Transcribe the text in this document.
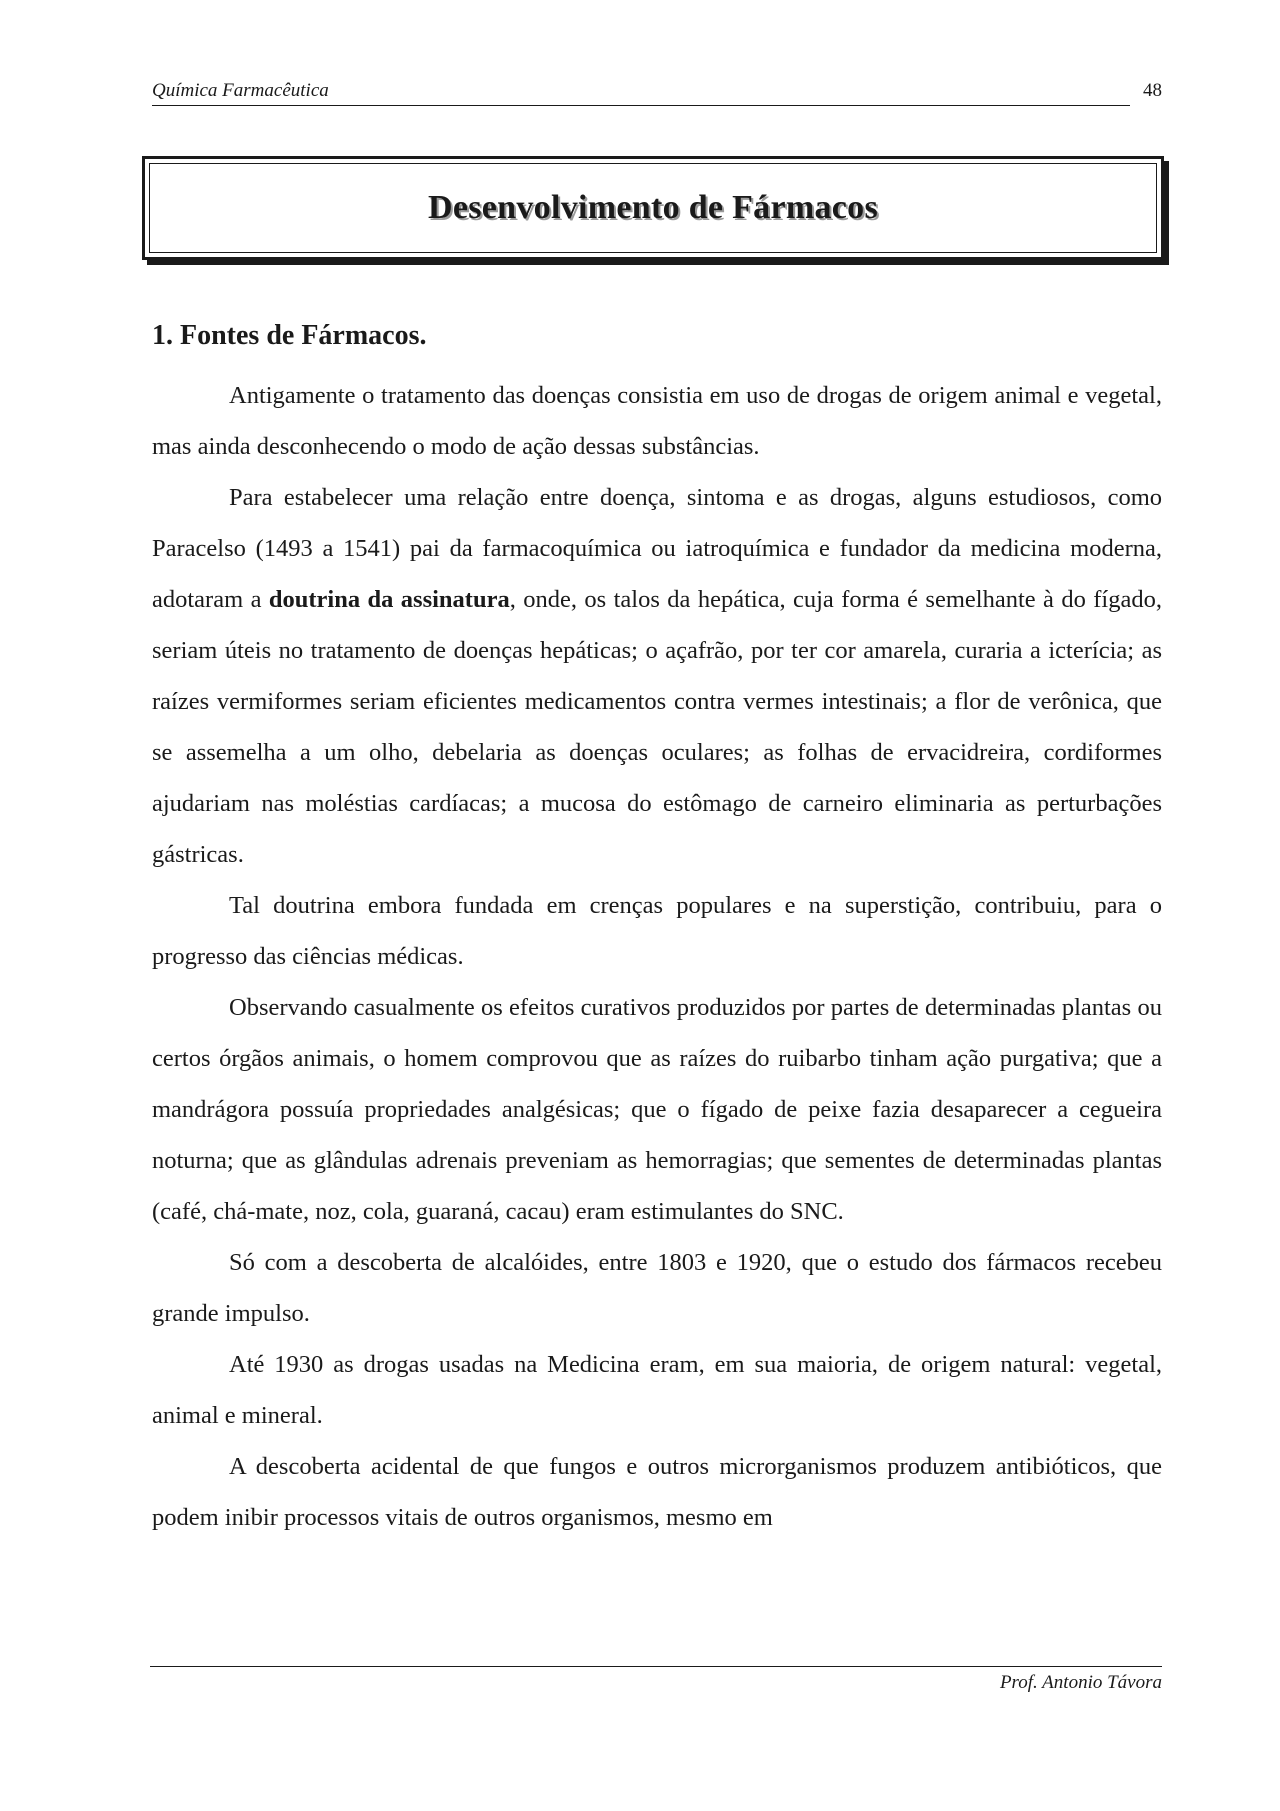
Química Farmacêutica	48
Desenvolvimento de Fármacos
1. Fontes de Fármacos.

Antigamente o tratamento das doenças consistia em uso de drogas de origem animal e vegetal, mas ainda desconhecendo o modo de ação dessas substâncias.

Para estabelecer uma relação entre doença, sintoma e as drogas, alguns estudiosos, como Paracelso (1493 a 1541) pai da farmacoquímica ou iatroquímica e fundador da medicina moderna, adotaram a doutrina da assinatura, onde, os talos da hepática, cuja forma é semelhante à do fígado, seriam úteis no tratamento de doenças hepáticas; o açafrão, por ter cor amarela, curaria a icterícia; as raízes vermiformes seriam eficientes medicamentos contra vermes intestinais; a flor de verônica, que se assemelha a um olho, debelaria as doenças oculares; as folhas de ervacidreira, cordiformes ajudariam nas moléstias cardíacas; a mucosa do estômago de carneiro eliminaria as perturbações gástricas.

Tal doutrina embora fundada em crenças populares e na superstição, contribuiu, para o progresso das ciências médicas.

Observando casualmente os efeitos curativos produzidos por partes de determinadas plantas ou certos órgãos animais, o homem comprovou que as raízes do ruibarbo tinham ação purgativa; que a mandrágora possuía propriedades analgésicas; que o fígado de peixe fazia desaparecer a cegueira noturna; que as glândulas adrenais preveniam as hemorragias; que sementes de determinadas plantas (café, chá-mate, noz, cola, guaraná, cacau) eram estimulantes do SNC.

Só com a descoberta de alcalóides, entre 1803 e 1920, que o estudo dos fármacos recebeu grande impulso.

Até 1930 as drogas usadas na Medicina eram, em sua maioria, de origem natural: vegetal, animal e mineral.

A descoberta acidental de que fungos e outros microrganismos produzem antibióticos, que podem inibir processos vitais de outros organismos, mesmo em

Prof. Antonio Távora
